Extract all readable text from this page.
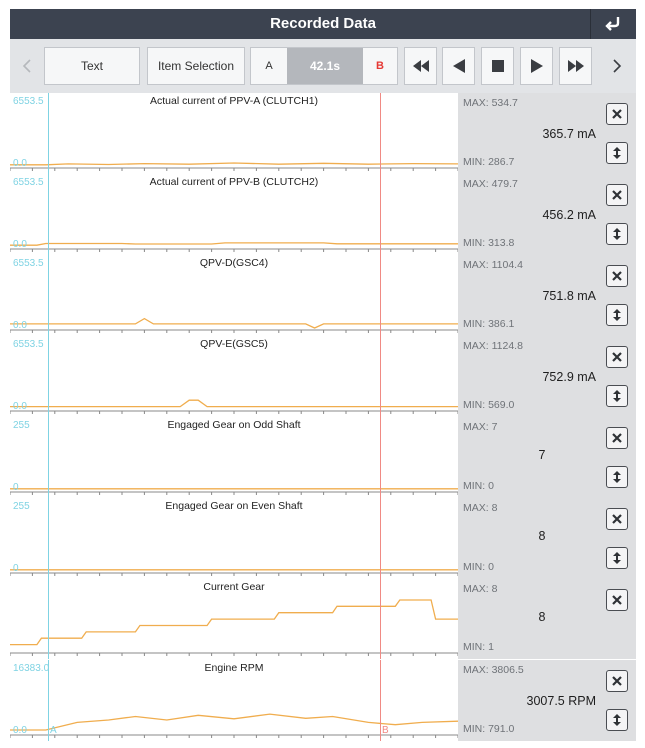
Recorded Data
Text	Item Selection	A	42.1s	B
6553.5
0.0
Actual current of PPV-A (CLUTCH1)	MAX: 534.7
365.7 mA
MIN: 286.7
6553.5
0.0
Actual current of PPV-B (CLUTCH2)	MAX: 479.7
456.2 mA
MIN: 313.8
6553.5
0.0
QPV-D(GSC4)	MAX: 1104.4
751.8 mA
MIN: 386.1
6553.5
0.0
QPV-E(GSC5)	MAX: 1124.8
752.9 mA
MIN: 569.0
255
0
Engaged Gear on Odd Shaft	MAX: 7
7
MIN: 0
255
0
Engaged Gear on Even Shaft	MAX: 8
8
MIN: 0
Current Gear	MAX: 8
8
MIN: 1
16383.0
0.0 A	B
Engine RPM	MAX: 3806.5
3007.5 RPM
MIN: 791.0
